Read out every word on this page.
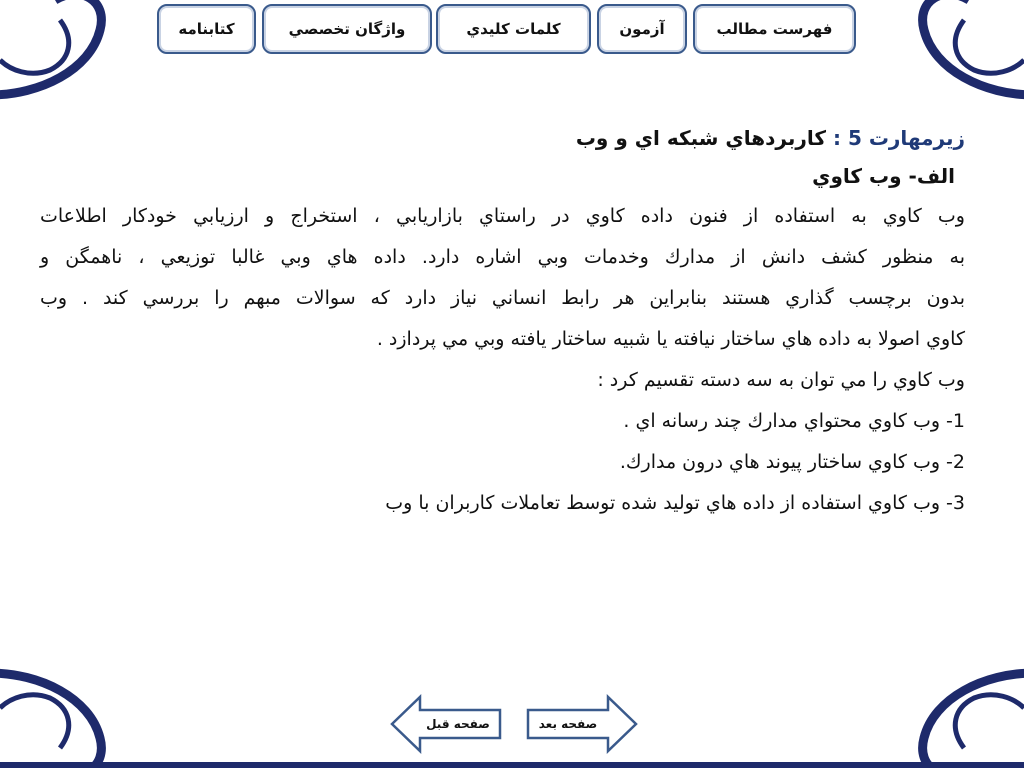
فهرست مطالب
آزمون
كلمات كليدي
واژگان تخصصي
كتابنامه
زيرمهارت 5 : كاربردهاي شبكه اي و وب
الف- وب كاوي

وب كاوي به استفاده از فنون داده كاوي در راستاي بازاريابي ، استخراج و ارزيابي خودكار اطلاعات

به منظور كشف دانش از مدارك وخدمات وبي اشاره دارد. داده هاي وبي غالبا توزيعي ، ناهمگن و

بدون برچسب گذاري هستند بنابراين هر رابط انساني نياز دارد كه سوالات مبهم را بررسي كند . وب

كاوي اصولا به داده هاي ساختار نيافته يا شبيه ساختار يافته وبي مي پردازد .

وب كاوي را مي توان به سه دسته تقسيم كرد :

1- وب كاوي محتواي مدارك چند رسانه اي .

2- وب كاوي ساختار پيوند هاي درون مدارك.

3- وب كاوي استفاده از داده هاي توليد شده توسط تعاملات كاربران با وب

صفحه قبل	صفحه بعد
